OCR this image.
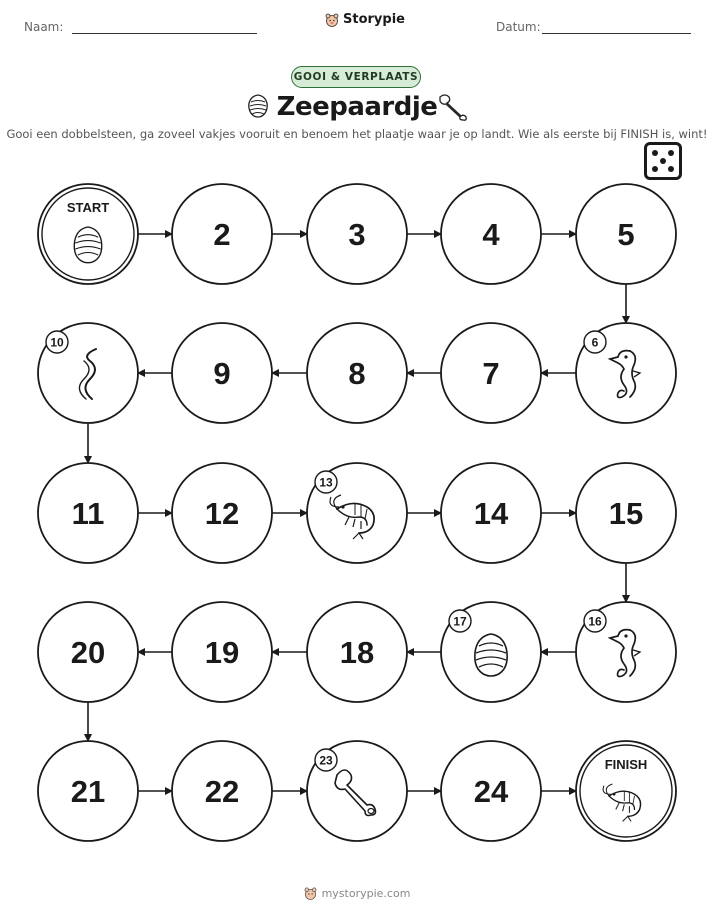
Naam:	Storypie	Datum:
GOOI & VERPLAATS
Zeepaardje
Gooi een dobbelsteen, ga zoveel vakjes vooruit en benoem het plaatje waar je op landt. Wie als eerste bij FINISH is, wint!
START
2	3	4	5
6
7
8
9
10
11	12
13
14	15
16
17
18
19
20
21	22
23
24
FINISH
mystorypie.com
